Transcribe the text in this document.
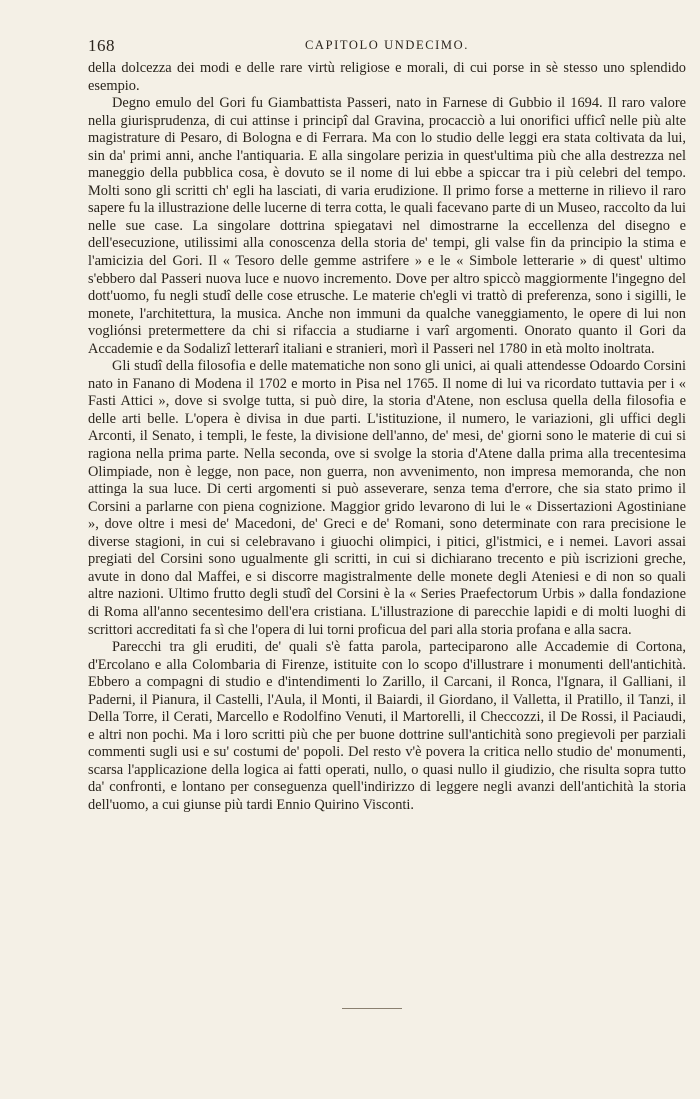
168	CAPITOLO UNDECIMO.

della dolcezza dei modi e delle rare virtù religiose e morali, di cui porse in sè stesso uno splendido esempio.

Degno emulo del Gori fu Giambattista Passeri, nato in Farnese di Gubbio il 1694. Il raro valore nella giurisprudenza, di cui attinse i principî dal Gravina, procacciò a lui onorifici ufficî nelle più alte magistrature di Pesaro, di Bologna e di Ferrara. Ma con lo studio delle leggi era stata coltivata da lui, sin da' primi anni, anche l'antiquaria. E alla singolare perizia in quest'ultima più che alla destrezza nel maneggio della pubblica cosa, è dovuto se il nome di lui ebbe a spiccar tra i più celebri del tempo. Molti sono gli scritti ch' egli ha lasciati, di varia erudizione. Il primo forse a metterne in rilievo il raro sapere fu la illustrazione delle lucerne di terra cotta, le quali facevano parte di un Museo, raccolto da lui nelle sue case. La singolare dottrina spiegatavi nel dimostrarne la eccellenza del disegno e dell'esecuzione, utilissimi alla conoscenza della storia de' tempi, gli valse fin da principio la stima e l'amicizia del Gori. Il « Tesoro delle gemme astrifere » e le « Simbole letterarie » di quest' ultimo s'ebbero dal Passeri nuova luce e nuovo incremento. Dove per altro spiccò maggiormente l'ingegno del dott'uomo, fu negli studî delle cose etrusche. Le materie ch'egli vi trattò di preferenza, sono i sigilli, le monete, l'architettura, la musica. Anche non immuni da qualche vaneggiamento, le opere di lui non vogliónsi pretermettere da chi si rifaccia a studiarne i varî argomenti. Onorato quanto il Gori da Accademie e da Sodalizî letterarî italiani e stranieri, morì il Passeri nel 1780 in età molto inoltrata.

Gli studî della filosofia e delle matematiche non sono gli unici, ai quali attendesse Odoardo Corsini nato in Fanano di Modena il 1702 e morto in Pisa nel 1765. Il nome di lui va ricordato tuttavia per i « Fasti Attici », dove si svolge tutta, si può dire, la storia d'Atene, non esclusa quella della filosofia e delle arti belle. L'opera è divisa in due parti. L'istituzione, il numero, le variazioni, gli uffici degli Arconti, il Senato, i templi, le feste, la divisione dell'anno, de' mesi, de' giorni sono le materie di cui si ragiona nella prima parte. Nella seconda, ove si svolge la storia d'Atene dalla prima alla trecentesima Olimpiade, non è legge, non pace, non guerra, non avvenimento, non impresa memoranda, che non attinga la sua luce. Di certi argomenti si può asseverare, senza tema d'errore, che sia stato primo il Corsini a parlarne con piena cognizione. Maggior grido levarono di lui le « Dissertazioni Agostiniane », dove oltre i mesi de' Macedoni, de' Greci e de' Romani, sono determinate con rara precisione le diverse stagioni, in cui si celebravano i giuochi olimpici, i pitici, gl'istmici, e i nemei. Lavori assai pregiati del Corsini sono ugualmente gli scritti, in cui si dichiarano trecento e più iscrizioni greche, avute in dono dal Maffei, e si discorre magistralmente delle monete degli Ateniesi e di non so quali altre nazioni. Ultimo frutto degli studî del Corsini è la « Series Praefectorum Urbis » dalla fondazione di Roma all'anno secentesimo dell'era cristiana. L'illustrazione di parecchie lapidi e di molti luoghi di scrittori accreditati fa sì che l'opera di lui torni proficua del pari alla storia profana e alla sacra.

Parecchi tra gli eruditi, de' quali s'è fatta parola, parteciparono alle Accademie di Cortona, d'Ercolano e alla Colombaria di Firenze, istituite con lo scopo d'illustrare i monumenti dell'antichità. Ebbero a compagni di studio e d'intendimenti lo Zarillo, il Carcani, il Ronca, l'Ignara, il Galliani, il Paderni, il Pianura, il Castelli, l'Aula, il Monti, il Baiardi, il Giordano, il Valletta, il Pratillo, il Tanzi, il Della Torre, il Cerati, Marcello e Rodolfino Venuti, il Martorelli, il Checcozzi, il De Rossi, il Paciaudi, e altri non pochi. Ma i loro scritti più che per buone dottrine sull'antichità sono pregievoli per parziali commenti sugli usi e su' costumi de' popoli. Del resto v'è povera la critica nello studio de' monumenti, scarsa l'applicazione della logica ai fatti operati, nullo, o quasi nullo il giudizio, che risulta sopra tutto da' confronti, e lontano per conseguenza quell'indirizzo di leggere negli avanzi dell'antichità la storia dell'uomo, a cui giunse più tardi Ennio Quirino Visconti.
